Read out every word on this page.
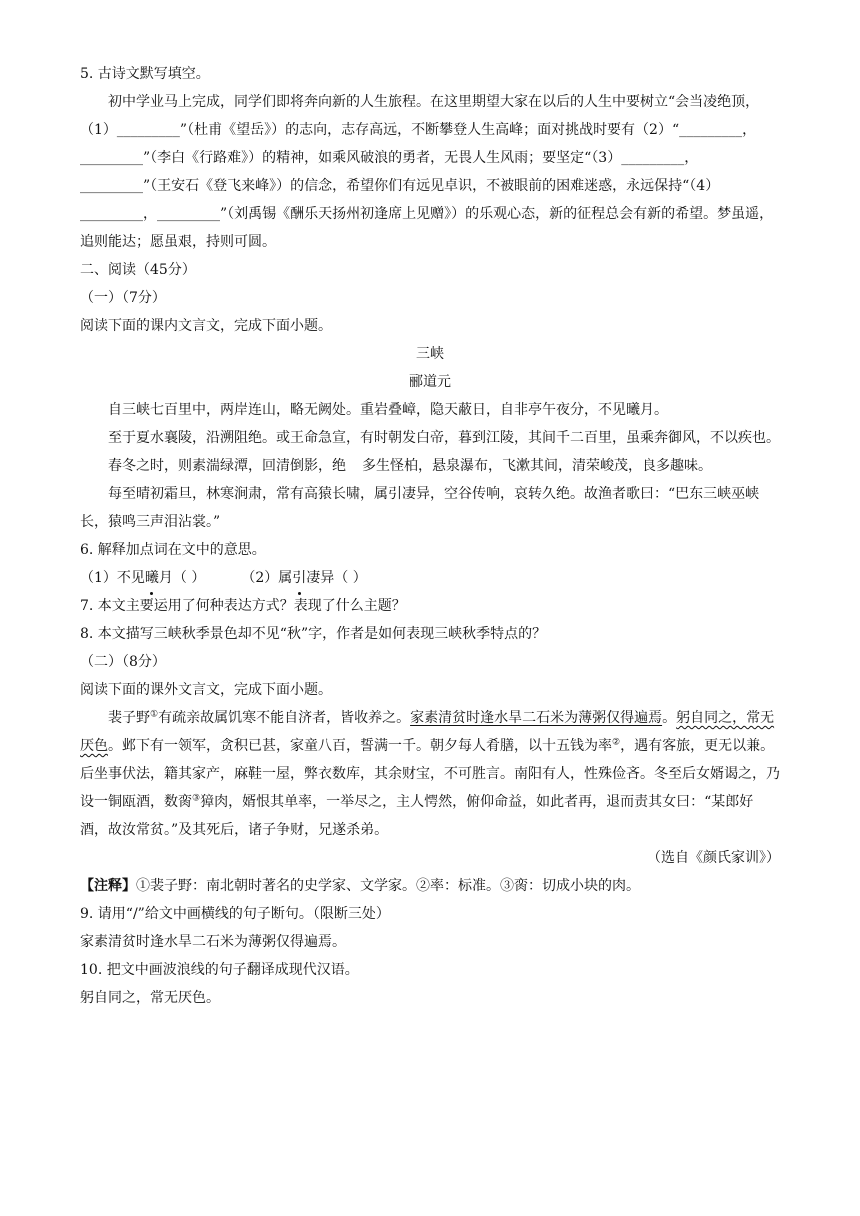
5. 古诗文默写填空。

初中学业马上完成，同学们即将奔向新的人生旅程。在这里期望大家在以后的人生中要树立“会当凌绝顶，（1）_________”（杜甫《望岳》）的志向，志存高远，不断攀登人生高峰；面对挑战时要有（2）“_________，_________”（李白《行路难》）的精神，如乘风破浪的勇者，无畏人生风雨；要坚定“（3）_________，_________”（王安石《登飞来峰》）的信念，希望你们有远见卓识，不被眼前的困难迷惑，永远保持“（4）_________，_________”（刘禹锡《酬乐天扬州初逢席上见赠》）的乐观心态，新的征程总会有新的希望。梦虽遥，追则能达；愿虽艰，持则可圆。

二、阅读（45分）

（一）（7分）

阅读下面的课内文言文，完成下面小题。

三峡

郦道元

自三峡七百里中，两岸连山，略无阙处。重岩叠嶂，隐天蔽日，自非亭午夜分，不见曦月。

至于夏水襄陵，沿溯阻绝。或王命急宣，有时朝发白帝，暮到江陵，其间千二百里，虽乘奔御风，不以疾也。

春冬之时，则素湍绿潭，回清倒影，绝 多生怪柏，悬泉瀑布，飞漱其间，清荣峻茂，良多趣味。

每至晴初霜旦，林寒涧肃，常有高猿长啸，属引凄异，空谷传响，哀转久绝。故渔者歌曰：“巴东三峡巫峡长，猿鸣三声泪沾裳。”

6. 解释加点词在文中的意思。

（1）不见曦月（ ）	（2）属引凄异（ ）

7. 本文主要运用了何种表达方式？表现了什么主题？

8. 本文描写三峡秋季景色却不见“秋”字，作者是如何表现三峡秋季特点的？

（二）（8分）

阅读下面的课外文言文，完成下面小题。

裴子野①有疏亲故属饥寒不能自济者，皆收养之。家素清贫时逢水旱二石米为薄粥仅得遍焉。躬自同之，常无厌色。邺下有一领军，贪积已甚，家童八百，誓满一千。朝夕每人肴膳，以十五钱为率②，遇有客旅，更无以兼。后坐事伏法，籍其家产，麻鞋一屋，弊衣数库，其余财宝，不可胜言。南阳有人，性殊俭吝。冬至后女婿谒之，乃设一铜瓯酒，数脔③獐肉，婿恨其单率，一举尽之，主人愕然，俯仰命益，如此者再，退而责其女曰：“某郎好酒，故汝常贫。”及其死后，诸子争财，兄遂杀弟。

（选自《颜氏家训》）

【注释】①裴子野：南北朝时著名的史学家、文学家。②率：标准。③脔：切成小块的肉。

9. 请用“/”给文中画横线的句子断句。（限断三处）

家素清贫时逢水旱二石米为薄粥仅得遍焉。

10. 把文中画波浪线的句子翻译成现代汉语。

躬自同之，常无厌色。
